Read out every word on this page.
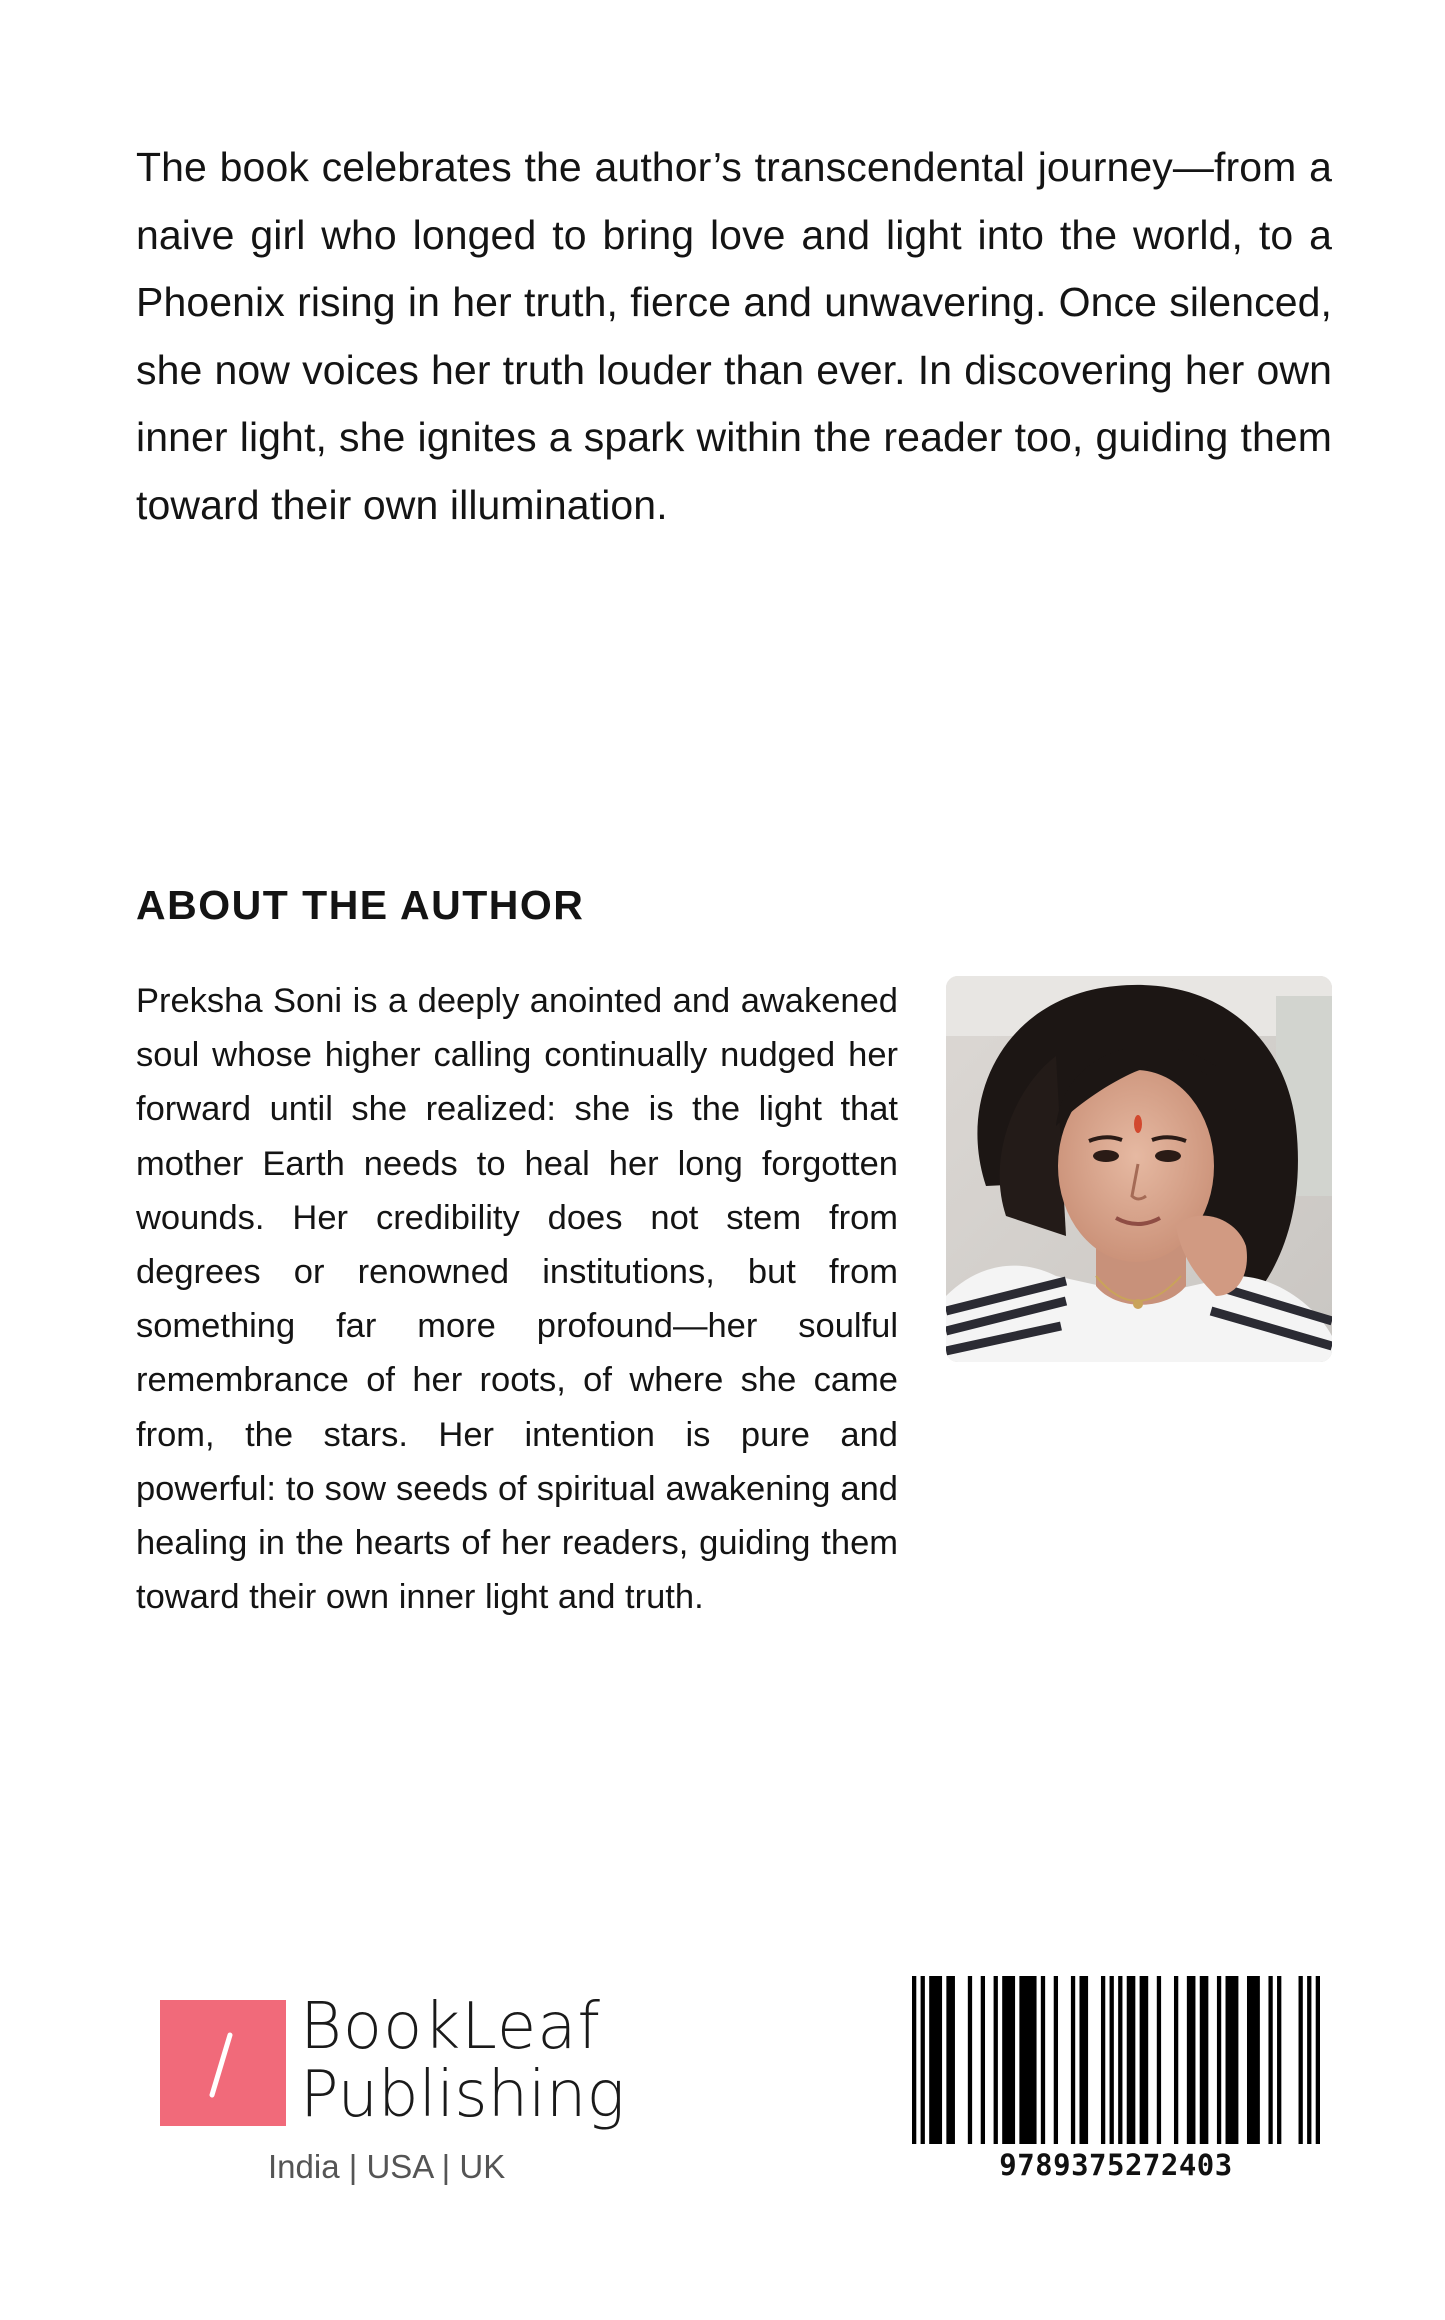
The book celebrates the author’s transcendental journey—from a naive girl who longed to bring love and light into the world, to a Phoenix rising in her truth, fierce and unwavering. Once silenced, she now voices her truth louder than ever. In discovering her own inner light, she ignites a spark within the reader too, guiding them toward their own illumination.

ABOUT THE AUTHOR

Preksha Soni is a deeply anointed and awakened soul whose higher calling continually nudged her forward until she realized: she is the light that mother Earth needs to heal her long forgotten wounds. Her credibility does not stem from degrees or renowned institutions, but from something far more profound—her soulful remembrance of her roots, of where she came from, the stars. Her intention is pure and powerful: to sow seeds of spiritual awakening and healing in the hearts of her readers, guiding them toward their own inner light and truth.

BookLeaf
Publishing
India | USA | UK	9789375272403
